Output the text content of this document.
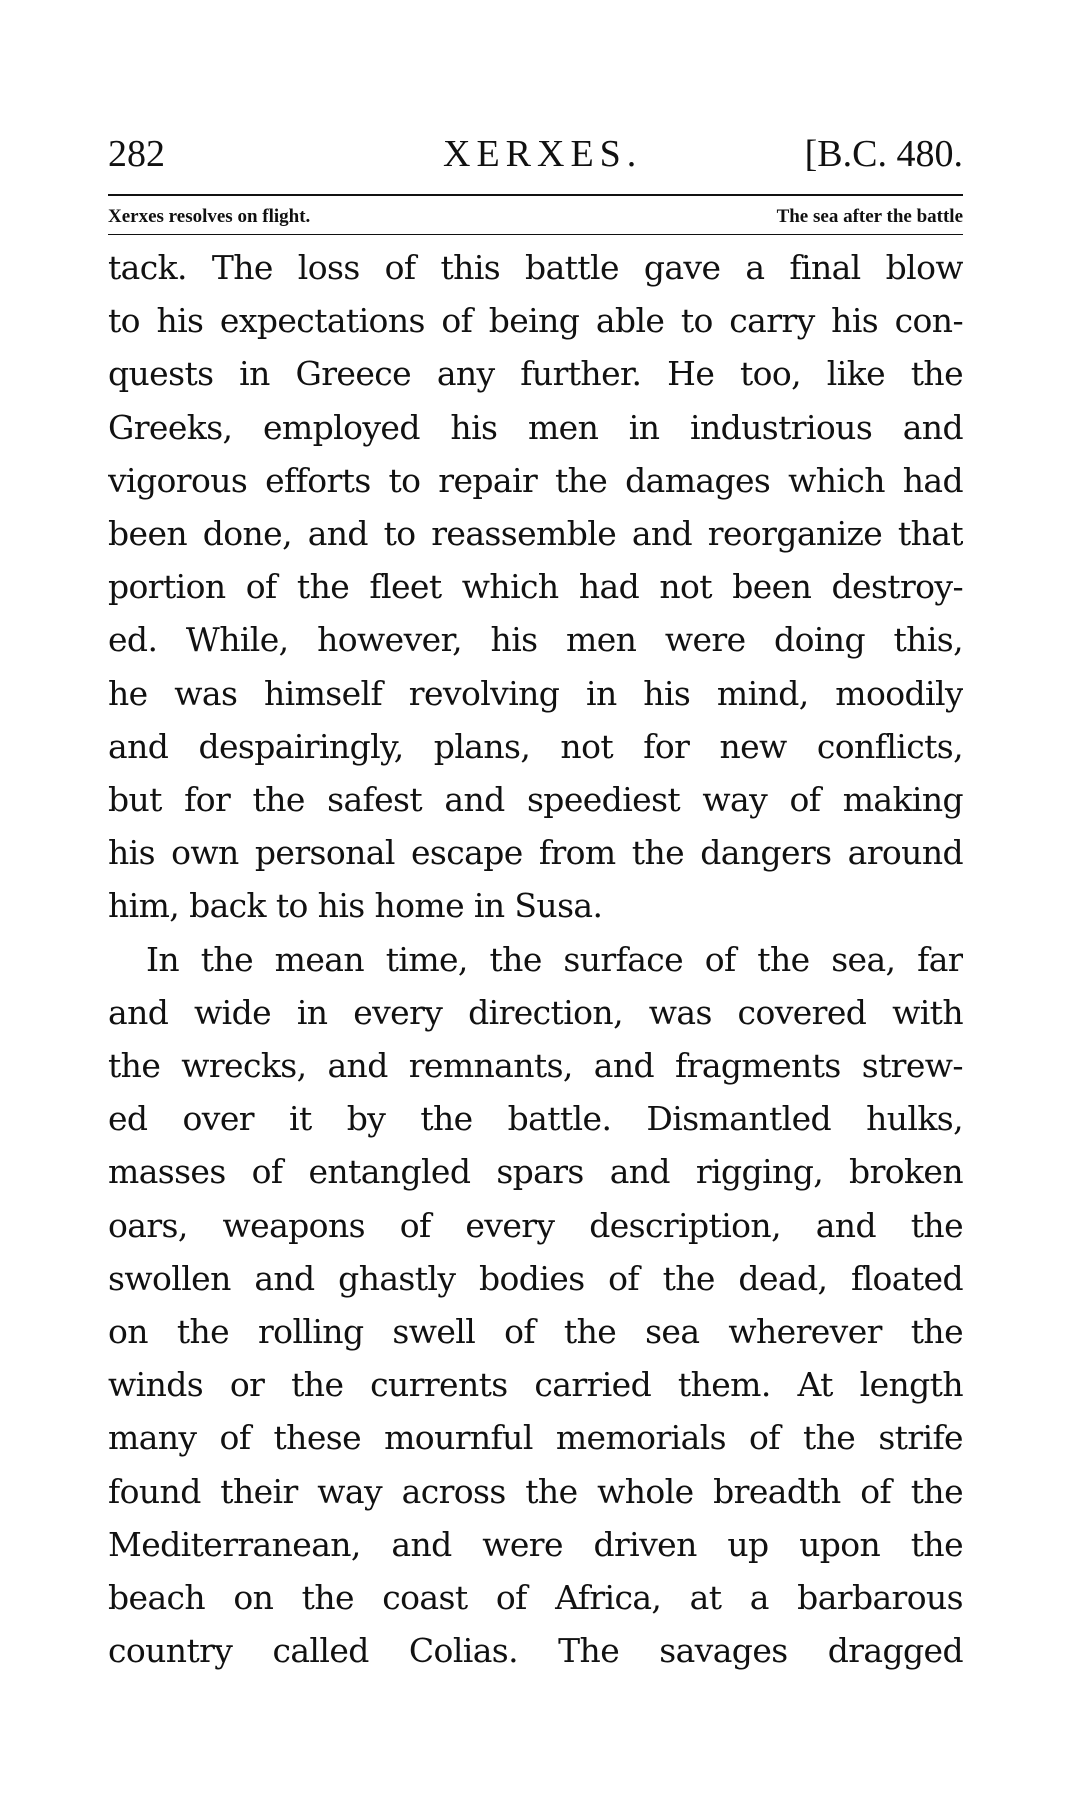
282	XERXES.	[B.C. 480.
Xerxes resolves on flight.	The sea after the battle
tack. The loss of this battle gave a final blow
to his expectations of being able to carry his con-
quests in Greece any further. He too, like the
Greeks, employed his men in industrious and
vigorous efforts to repair the damages which had
been done, and to reassemble and reorganize that
portion of the fleet which had not been destroy-
ed. While, however, his men were doing this,
he was himself revolving in his mind, moodily
and despairingly, plans, not for new conflicts,
but for the safest and speediest way of making
his own personal escape from the dangers around
him, back to his home in Susa.
In the mean time, the surface of the sea, far
and wide in every direction, was covered with
the wrecks, and remnants, and fragments strew-
ed over it by the battle. Dismantled hulks,
masses of entangled spars and rigging, broken
oars, weapons of every description, and the
swollen and ghastly bodies of the dead, floated
on the rolling swell of the sea wherever the
winds or the currents carried them. At length
many of these mournful memorials of the strife
found their way across the whole breadth of the
Mediterranean, and were driven up upon the
beach on the coast of Africa, at a barbarous
country called Colias. The savages dragged
